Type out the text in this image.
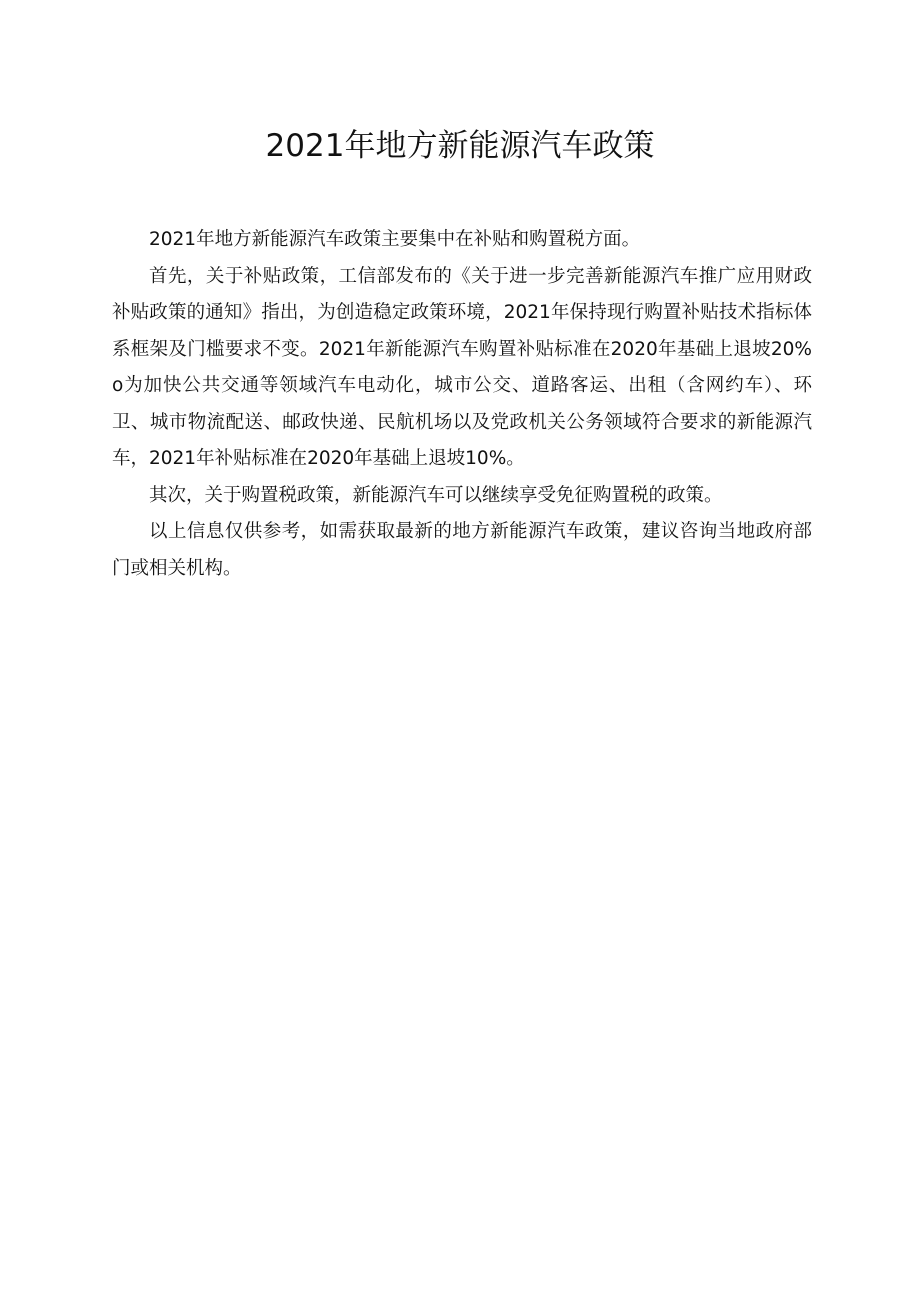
2021年地方新能源汽车政策

2021年地方新能源汽车政策主要集中在补贴和购置税方面。

首先，关于补贴政策，工信部发布的《关于进一步完善新能源汽车推广应用财政补贴政策的通知》指出，为创造稳定政策环境，2021年保持现行购置补贴技术指标体系框架及门槛要求不变。2021年新能源汽车购置补贴标准在2020年基础上退坡20%o为加快公共交通等领域汽车电动化，城市公交、道路客运、出租（含网约车）、环卫、城市物流配送、邮政快递、民航机场以及党政机关公务领域符合要求的新能源汽车，2021年补贴标准在2020年基础上退坡10%。

其次，关于购置税政策，新能源汽车可以继续享受免征购置税的政策。

以上信息仅供参考，如需获取最新的地方新能源汽车政策，建议咨询当地政府部门或相关机构。
